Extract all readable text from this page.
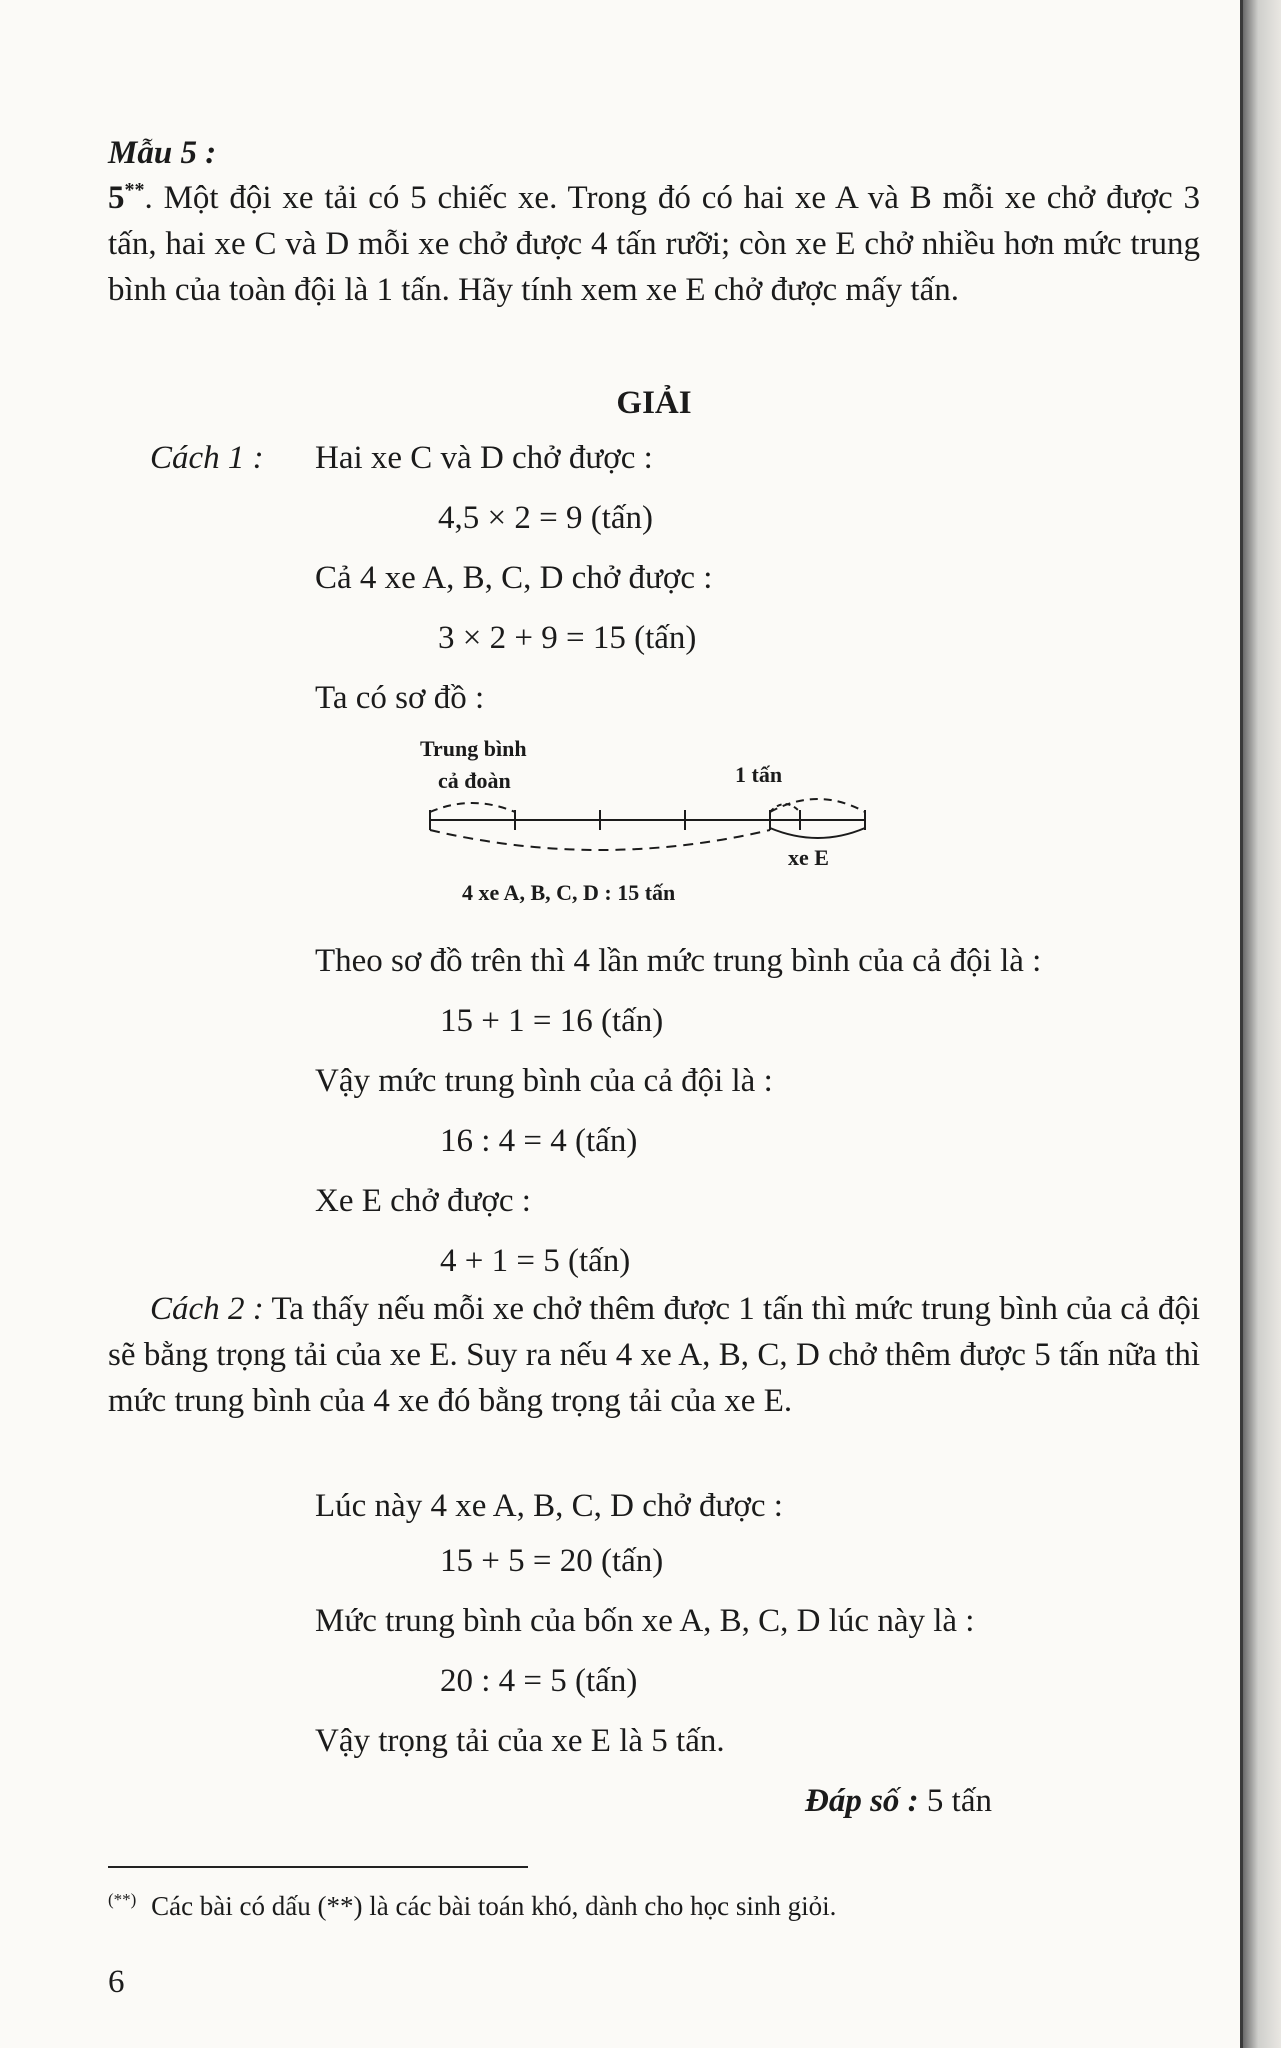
Mẫu 5 :
5**. Một đội xe tải có 5 chiếc xe. Trong đó có hai xe A và B mỗi xe chở được 3 tấn, hai xe C và D mỗi xe chở được 4 tấn rưỡi; còn xe E chở nhiều hơn mức trung bình của toàn đội là 1 tấn. Hãy tính xem xe E chở được mấy tấn.
GIẢI
Cách 1 : Hai xe C và D chở được :
4,5 × 2 = 9 (tấn)
Cả 4 xe A, B, C, D chở được :
3 × 2 + 9 = 15 (tấn)
Ta có sơ đồ :
Trung bình
cả đoàn	1 tấn
xe E
4 xe A, B, C, D : 15 tấn
Theo sơ đồ trên thì 4 lần mức trung bình của cả đội là :
15 + 1 = 16 (tấn)
Vậy mức trung bình của cả đội là :
16 : 4 = 4 (tấn)
Xe E chở được :
4 + 1 = 5 (tấn)
Cách 2 : Ta thấy nếu mỗi xe chở thêm được 1 tấn thì mức trung bình của cả đội sẽ bằng trọng tải của xe E. Suy ra nếu 4 xe A, B, C, D chở thêm được 5 tấn nữa thì mức trung bình của 4 xe đó bằng trọng tải của xe E.
Lúc này 4 xe A, B, C, D chở được :
15 + 5 = 20 (tấn)
Mức trung bình của bốn xe A, B, C, D lúc này là :
20 : 4 = 5 (tấn)
Vậy trọng tải của xe E là 5 tấn.
Đáp số : 5 tấn
(**) Các bài có dấu (**) là các bài toán khó, dành cho học sinh giỏi.
6
